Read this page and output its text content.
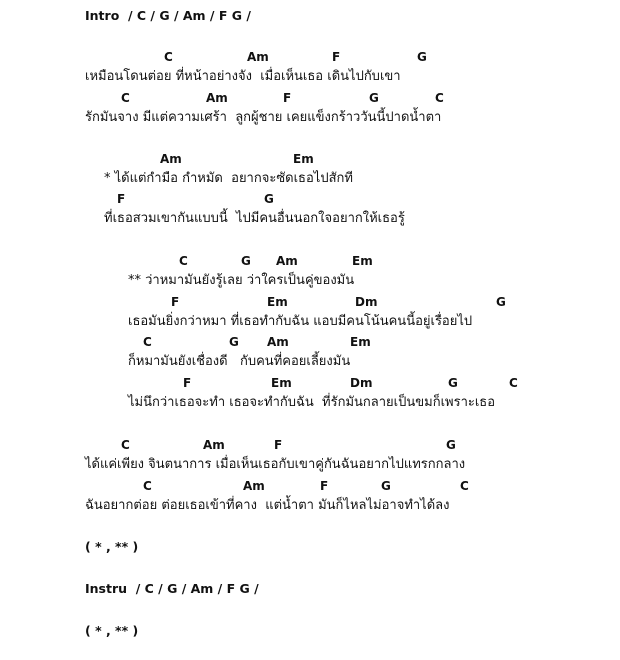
Intro  / C / G / Am / F G /
C	Am	F	G
เหมือนโดนต่อย ที่หน้าอย่างจัง  เมื่อเห็นเธอ เดินไปกับเขา
C	Am	F	G	C
รักมันจาง มีแต่ความเศร้า  ลูกผู้ชาย เคยแข็งกร้าววันนี้ปาดน้ำตา
Am	Em
* ได้แต่กำมือ กำหมัด  อยากจะซัดเธอไปสักที
F	G
ที่เธอสวมเขากันแบบนี้  ไปมีคนอื่นนอกใจอยากให้เธอรู้
C	G Am	Em
** ว่าหมามันยังรู้เลย ว่าใครเป็นคู่ของมัน
F	Em	Dm	G
เธอมันยิ่งกว่าหมา ที่เธอทำกับฉัน แอบมีคนโน้นคนนี้อยู่เรื่อยไป
C	G Am	Em
ก็หมามันยังเชื่องดี   กับคนที่คอยเลี้ยงมัน
F	Em	Dm	G	C
ไม่นึกว่าเธอจะทำ เธอจะทำกับฉัน  ที่รักมันกลายเป็นขมก็เพราะเธอ
C	Am	F	G
ได้แค่เพียง จินตนาการ เมื่อเห็นเธอกับเขาคู่กันฉันอยากไปแทรกกลาง
C	Am	F	G	C
ฉันอยากต่อย ต่อยเธอเข้าที่คาง  แต่น้ำตา มันก็ไหลไม่อาจทำได้ลง
( * , ** )
Instru  / C / G / Am / F G /
( * , ** )
